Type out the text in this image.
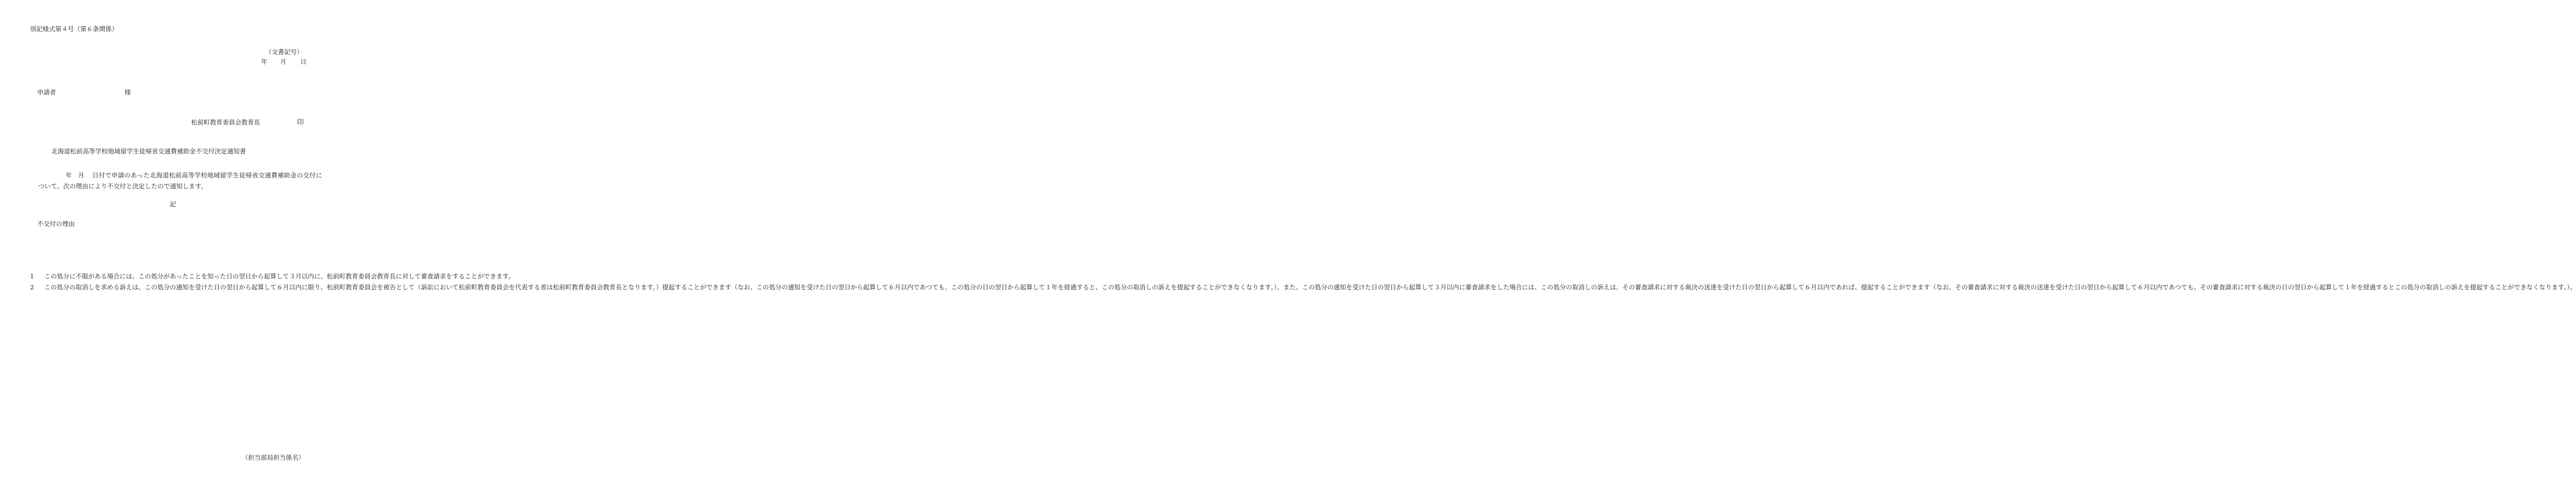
別記様式第４号（第６条関係）
（文書記号）
年 月 日
申請者	様
松前町教育委員会教育長	印
北海道松前高等学校地域留学生徒帰省交通費補助金不交付決定通知書
年 月 日付で申請のあった北海道松前高等学校地域留学生徒帰省交通費補助金の交付について、次の理由により不交付と決定したので通知します。
記
不交付の理由
1	この処分に不服がある場合には、この処分があったことを知った日の翌日から起算して３月以内に、松前町教育委員会教育長に対して審査請求をすることができます。
2	この処分の取消しを求める訴えは、この処分の通知を受けた日の翌日から起算して６月以内に限り、松前町教育委員会を被告として（訴訟において松前町教育委員会を代表する者は松前町教育委員会教育長となります。）提起することができます（なお、この処分の通知を受けた日の翌日から起算して６月以内であつても、この処分の日の翌日から起算して１年を経過すると、この処分の取消しの訴えを提起することができなくなります。）。また、この処分の通知を受けた日の翌日から起算して３月以内に審査請求をした場合には、この処分の取消しの訴えは、その審査請求に対する裁決の送達を受けた日の翌日から起算して６月以内であれば、提起することができます（なお、その審査請求に対する裁決の送達を受けた日の翌日から起算して６月以内であつても、その審査請求に対する裁決の日の翌日から起算して１年を経過するとこの処分の取消しの訴えを提起することができなくなります。）。
（担当部局担当係名）
